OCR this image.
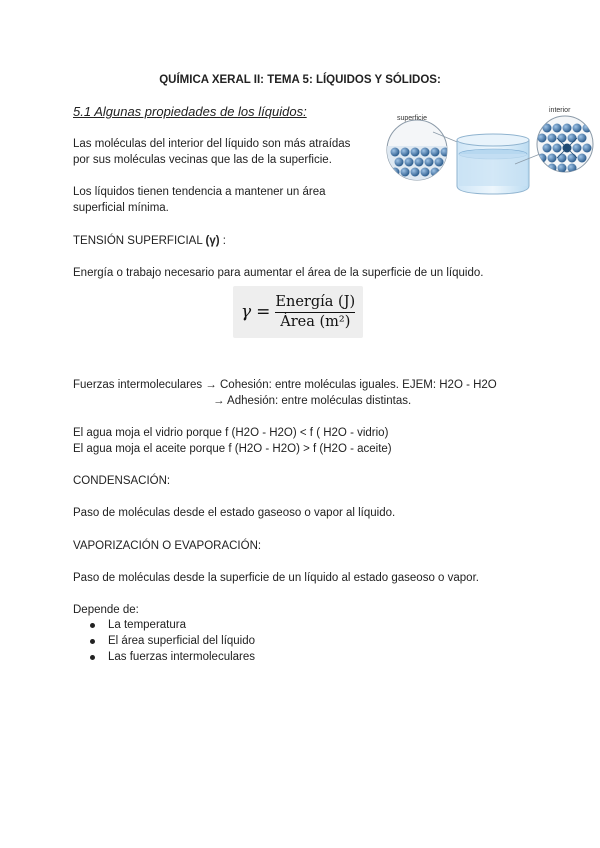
QUÍMICA XERAL II: TEMA 5: LÍQUIDOS Y SÓLIDOS:
5.1 Algunas propiedades de los líquidos:
Las moléculas del interior del líquido son más atraídas
por sus moléculas vecinas que las de la superficie.
Los líquidos tienen tendencia a mantener un área
superficial mínima.
superficie
interior
TENSIÓN SUPERFICIAL (γ) :
Energía o trabajo necesario para aumentar el área de la superficie de un líquido.
$\gamma = \frac{\text{Energía (J)}}{\text{Área (m²)}}$
Fuerzas intermoleculares → Cohesión: entre moléculas iguales. EJEM: H2O - H2O
→ Adhesión: entre moléculas distintas.
El agua moja el vidrio porque f (H2O - H2O) < f ( H2O - vidrio)
El agua moja el aceite porque f (H2O - H2O) > f (H2O - aceite)
CONDENSACIÓN:
Paso de moléculas desde el estado gaseoso o vapor al líquido.
VAPORIZACIÓN O EVAPORACIÓN:
Paso de moléculas desde la superficie de un líquido al estado gaseoso o vapor.
Depende de:
La temperatura
El área superficial del líquido
Las fuerzas intermoleculares
